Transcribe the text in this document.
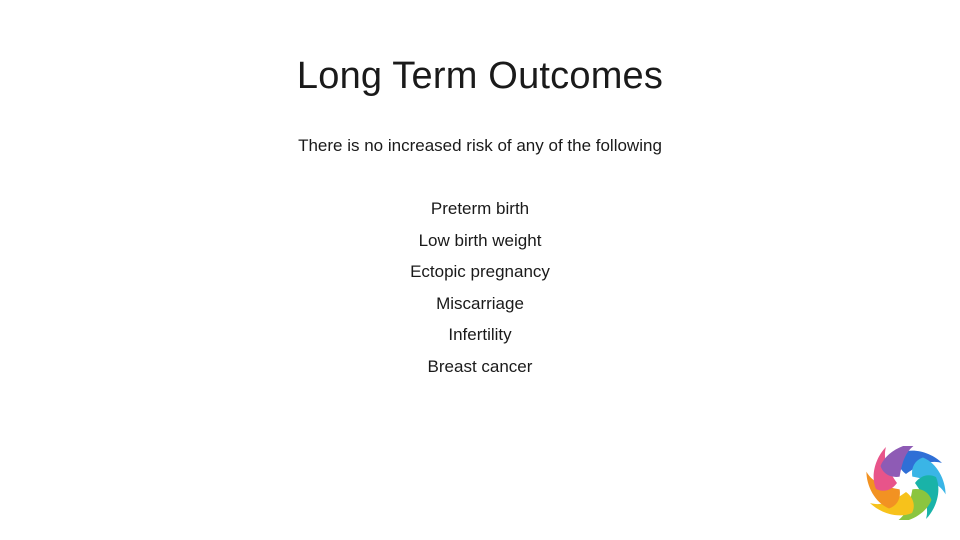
Long Term Outcomes

There is no increased risk of any of the following

Preterm birth
Low birth weight
Ectopic pregnancy
Miscarriage
Infertility
Breast cancer
